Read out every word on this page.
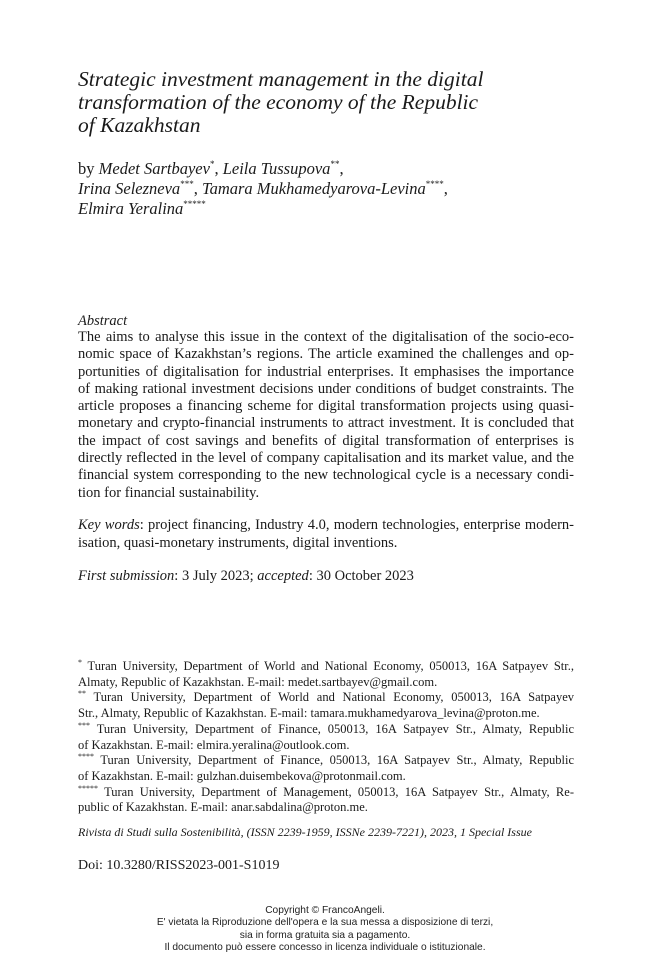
Strategic investment management in the digital
transformation of the economy of the Republic
of Kazakhstan
by Medet Sartbayev*, Leila Tussupova**,
Irina Selezneva***, Tamara Mukhamedyarova-Levina****,
Elmira Yeralina*****
Abstract
The aims to analyse this issue in the context of the digitalisation of the socio-eco-
nomic space of Kazakhstan’s regions. The article examined the challenges and op-
portunities of digitalisation for industrial enterprises. It emphasises the importance
of making rational investment decisions under conditions of budget constraints. The
article proposes a financing scheme for digital transformation projects using quasi-
monetary and crypto-financial instruments to attract investment. It is concluded that
the impact of cost savings and benefits of digital transformation of enterprises is
directly reflected in the level of company capitalisation and its market value, and the
financial system corresponding to the new technological cycle is a necessary condi-
tion for financial sustainability.
Key words: project financing, Industry 4.0, modern technologies, enterprise modern-
isation, quasi-monetary instruments, digital inventions.
First submission: 3 July 2023; accepted: 30 October 2023
* Turan University, Department of World and National Economy, 050013, 16A Satpayev Str.,
Almaty, Republic of Kazakhstan. E-mail: medet.sartbayev@gmail.com.
** Turan University, Department of World and National Economy, 050013, 16A Satpayev
Str., Almaty, Republic of Kazakhstan. E-mail: tamara.mukhamedyarova_levina@proton.me.
*** Turan University, Department of Finance, 050013, 16A Satpayev Str., Almaty, Republic
of Kazakhstan. E-mail: elmira.yeralina@outlook.com.
**** Turan University, Department of Finance, 050013, 16A Satpayev Str., Almaty, Republic
of Kazakhstan. E-mail: gulzhan.duisembekova@protonmail.com.
***** Turan University, Department of Management, 050013, 16A Satpayev Str., Almaty, Re-
public of Kazakhstan. E-mail: anar.sabdalina@proton.me.
Rivista di Studi sulla Sostenibilità, (ISSN 2239-1959, ISSNe 2239-7221), 2023, 1 Special Issue
Doi: 10.3280/RISS2023-001-S1019
Copyright © FrancoAngeli.
E' vietata la Riproduzione dell'opera e la sua messa a disposizione di terzi,
sia in forma gratuita sia a pagamento.
Il documento può essere concesso in licenza individuale o istituzionale.
